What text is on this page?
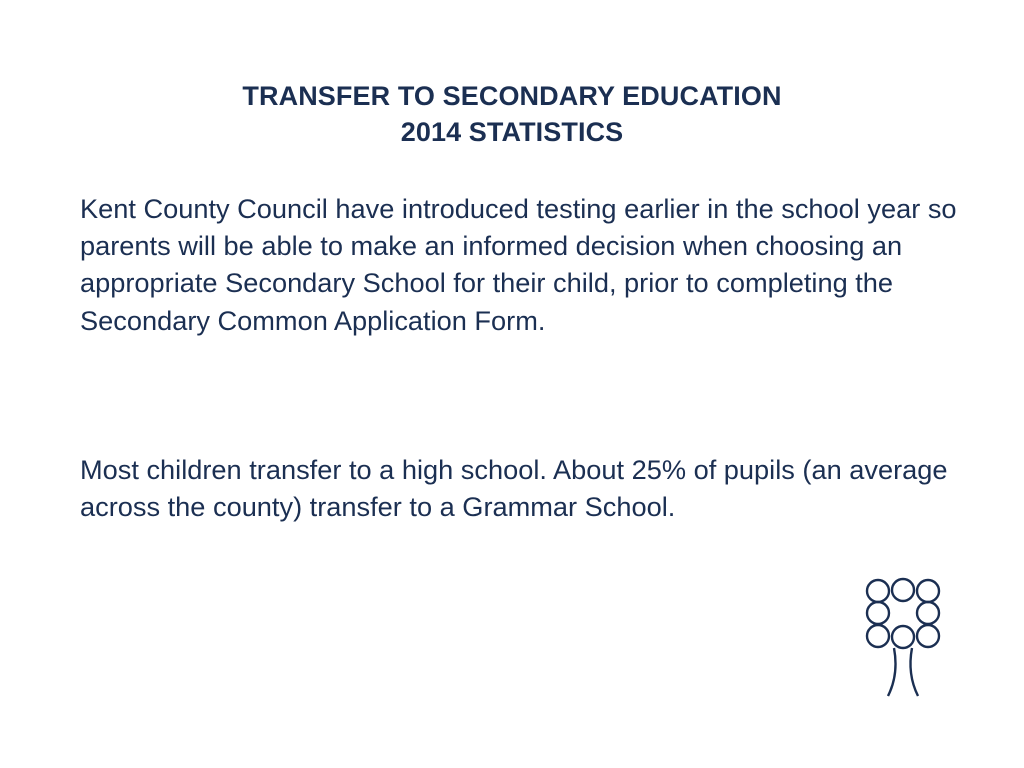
TRANSFER TO SECONDARY EDUCATION
2014 STATISTICS

Kent County Council have introduced testing earlier in the school year so parents will be able to make an informed decision when choosing an appropriate Secondary School for their child, prior to completing the Secondary Common Application Form.

Most children transfer to a high school. About 25% of pupils (an average across the county) transfer to a Grammar School.
